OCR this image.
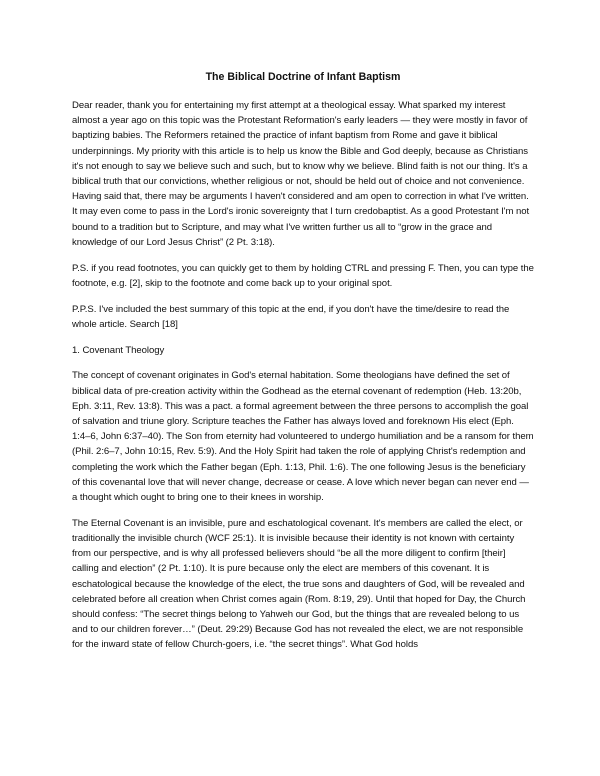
The Biblical Doctrine of Infant Baptism

Dear reader, thank you for entertaining my first attempt at a theological essay. What sparked my interest almost a year ago on this topic was the Protestant Reformation's early leaders — they were mostly in favor of baptizing babies. The Reformers retained the practice of infant baptism from Rome and gave it biblical underpinnings. My priority with this article is to help us know the Bible and God deeply, because as Christians it's not enough to say we believe such and such, but to know why we believe. Blind faith is not our thing. It's a biblical truth that our convictions, whether religious or not, should be held out of choice and not convenience. Having said that, there may be arguments I haven't considered and am open to correction in what I've written. It may even come to pass in the Lord's ironic sovereignty that I turn credobaptist. As a good Protestant I'm not bound to a tradition but to Scripture, and may what I've written further us all to “grow in the grace and knowledge of our Lord Jesus Christ” (2 Pt. 3:18).

P.S. if you read footnotes, you can quickly get to them by holding CTRL and pressing F. Then, you can type the footnote, e.g. [2], skip to the footnote and come back up to your original spot.

P.P.S. I've included the best summary of this topic at the end, if you don't have the time/desire to read the whole article. Search [18]

1. Covenant Theology

The concept of covenant originates in God's eternal habitation. Some theologians have defined the set of biblical data of pre-creation activity within the Godhead as the eternal covenant of redemption (Heb. 13:20b, Eph. 3:11, Rev. 13:8). This was a pact. a formal agreement between the three persons to accomplish the goal of salvation and triune glory. Scripture teaches the Father has always loved and foreknown His elect (Eph. 1:4–6, John 6:37–40). The Son from eternity had volunteered to undergo humiliation and be a ransom for them (Phil. 2:6–7, John 10:15, Rev. 5:9). And the Holy Spirit had taken the role of applying Christ's redemption and completing the work which the Father began (Eph. 1:13, Phil. 1:6). The one following Jesus is the beneficiary of this covenantal love that will never change, decrease or cease. A love which never began can never end — a thought which ought to bring one to their knees in worship.

The Eternal Covenant is an invisible, pure and eschatological covenant. It's members are called the elect, or traditionally the invisible church (WCF 25:1). It is invisible because their identity is not known with certainty from our perspective, and is why all professed believers should “be all the more diligent to confirm [their] calling and election” (2 Pt. 1:10). It is pure because only the elect are members of this covenant. It is eschatological because the knowledge of the elect, the true sons and daughters of God, will be revealed and celebrated before all creation when Christ comes again (Rom. 8:19, 29). Until that hoped for Day, the Church should confess: “The secret things belong to Yahweh our God, but the things that are revealed belong to us and to our children forever…” (Deut. 29:29) Because God has not revealed the elect, we are not responsible for the inward state of fellow Church-goers, i.e. “the secret things”. What God holds
